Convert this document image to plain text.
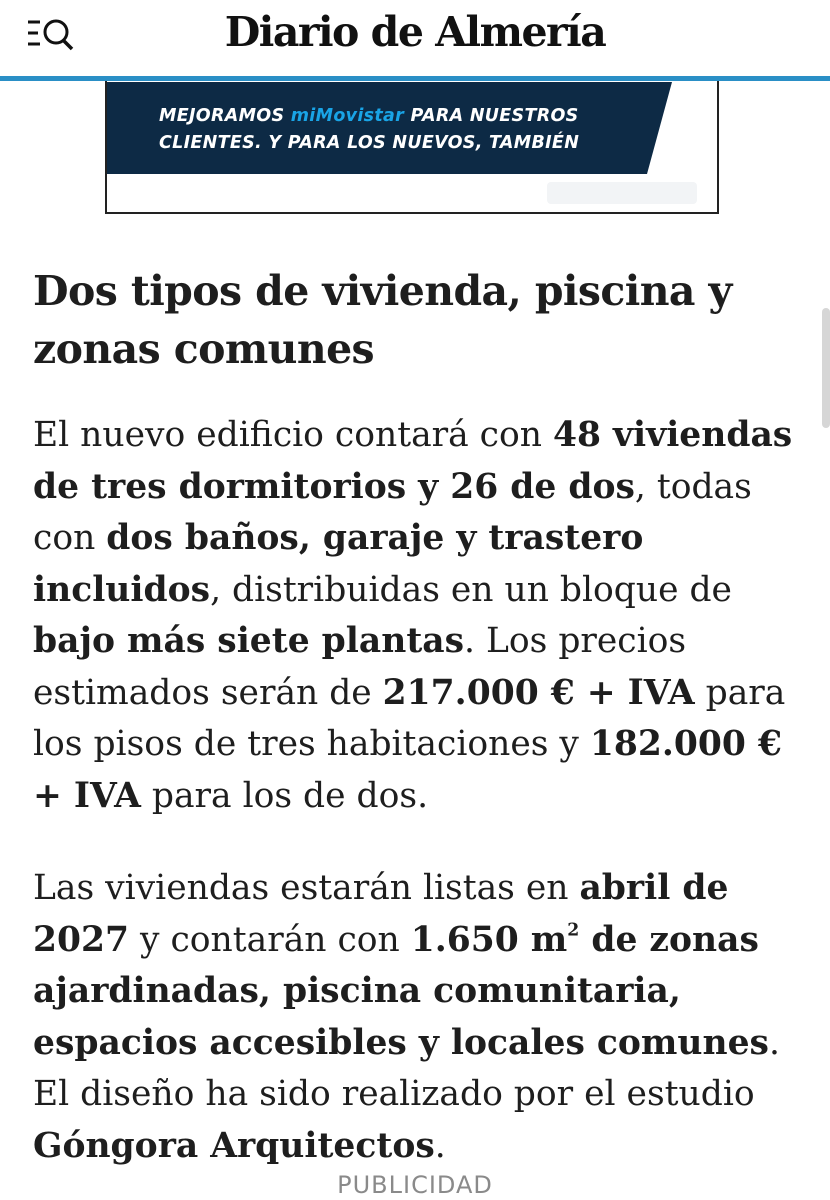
Diario de Almería
MEJORAMOS miMovistar PARA NUESTROS
CLIENTES. Y PARA LOS NUEVOS, TAMBIÉN
Dos tipos de vivienda, piscina y zonas comunes

El nuevo edificio contará con 48 viviendas de tres dormitorios y 26 de dos, todas con dos baños, garaje y trastero incluidos, distribuidas en un bloque de bajo más siete plantas. Los precios estimados serán de 217.000 € + IVA para los pisos de tres habitaciones y 182.000 € + IVA para los de dos.

Las viviendas estarán listas en abril de 2027 y contarán con 1.650 $m^2$ de zonas ajardinadas, piscina comunitaria, espacios accesibles y locales comunes. El diseño ha sido realizado por el estudio Góngora Arquitectos.

PUBLICIDAD
